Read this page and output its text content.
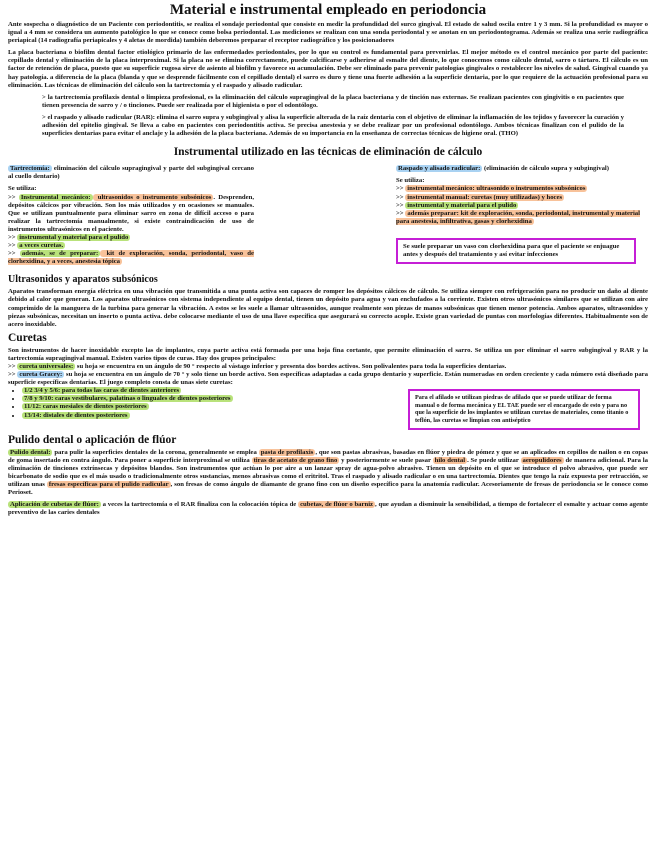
Material e instrumental empleado en periodoncia

Ante sospecha o diagnóstico de un Paciente con periodontitis, se realiza el sondaje periodontal que consiste en medir la profundidad del surco gingival. El estado de salud oscila entre 1 y 3 mm. Si la profundidad es mayor o igual a 4 mm se considera un aumento patológico lo que se conoce como bolsa periodontal. Las mediciones se realizan con una sonda periodontal y se anotan en un periodontograma. Además se realiza una serie radiográfica periapical (14 radiografía periapicales y 4 aletas de mordida) también deberemos preparar el receptor radiográfico y los posicionadores

La placa bacteriana o biofilm dental factor etiológico primario de las enfermedades periodontales, por lo que su control es fundamental para prevenirlas. El mejor método es el control mecánico por parte del paciente: cepillado dental y eliminación de la placa interproximal. Si la placa no se elimina correctamente, puede calcificarse y adherirse al esmalte del diente, lo que conocemos como cálculo dental, sarro o tártaro. El cálculo es un factor de retención de placa, puesto que su superficie rugosa sirve de asiento al biofilm y favorece su acumulación. Debe ser eliminado para prevenir patologías gingivales o restablecer los niveles de salud. Gingival cuando ya hay patología. a diferencia de la placa (blanda y que se desprende fácilmente con el cepillado dental) el sarro es duro y tiene una fuerte adhesión a la superficie dentaria, por lo que requiere de la actuación profesional para su eliminación. Las técnicas de eliminación del cálculo son la tartrectomía y el raspado y alisado radicular.

> la tartrectomía profilaxis dental o limpieza profesional, es la eliminación del cálculo supragingival de la placa bacteriana y de tinción nas externas. Se realizan pacientes con gingivitis o en pacientes que tienen presencia de sarro y / o tinciones. Puede ser realizada por el higienista o por el odontólogo.

> el raspado y alisado radicular (RAR): elimina el sarro supra y subgingival y alisa la superficie alterada de la raíz dentaria con el objetivo de eliminar la inflamación de los tejidos y favorecer la curación y adhesión del epitelio gingival. Se lleva a cabo en pacientes con periodontitis activa. Se precisa anestesia y se debe realizar por un profesional odontólogo. Ambos técnicas finalizan con el pulido de la superficies dentarias para evitar el anclaje y la adhesión de la placa bacteriana. Además de su importancia en la enseñanza de correctas técnicas de higiene oral. (THO)

Instrumental utilizado en las técnicas de eliminación de cálculo

Tartrectomía: eliminación del cálculo supragingival y parte del subgingival cercano al cuello dentario)

Se utiliza:

>> Instrumental mecánico: ultrasonidos o instrumento subsónicos . Desprenden, depósitos cálcicos por vibración. Son los más utilizados y en ocasiones se manuales. Que se utilizan puntualmente para eliminar sarro en zona de difícil acceso o para realizar la tartrectomía manualmente, si existe contraindicación de uso de instrumentos ultrasónicos en el paciente.

>> instrumental y material para el pulido

>> a veces curetas.

>> además, se de preparar: kit de exploración, sonda, periodontal, vaso de clorhexidina, y a veces, anestesia tópica

Raspado y alisado radicular: (eliminación de cálculo supra y subgingival)

Se utiliza:

>> instrumental mecánico: ultrasonido o instrumentos subsónicos

>> instrumental manual: curetas (muy utilizadas) y hoces

>> instrumental y material para el pulido

>> además preparar: kit de exploración, sonda, periodontal, instrumental y material para anestesia, infiltrativa, gasas y clorhexidina

Se suele preparar un vaso con clorhexidina para que el paciente se enjuague antes y después del tratamiento y así evitar infecciones
Ultrasonidos y aparatos subsónicos

Aparatos transforman energía eléctrica en una vibración que transmitida a una punta activa son capaces de romper los depósitos cálcicos de cálculo. Se utiliza siempre con refrigeración para no producir un daño al diente debido al calor que generan. Los aparatos ultrasónicos con sistema independiente al equipo dental, tienen un depósito para agua y van enchufados a la corriente. Existen otros ultrasónicos similares que se utilizan con aire comprimido de la manguera de la turbina para generar la vibración. A estos se les suele a llamar ultrasonidos, aunque realmente son piezas de manos subsónicas que tienen menor potencia. Ambos aparatos, ultrasonidos y piezas subsónicas, necesitan un inserto o punta activa. debe colocarse mediante el uso de una llave específica que asegurará su correcto acople. Existe gran variedad de puntas con morfologías diferentes. Habitualmente son de acero inoxidable.

Curetas

Son instrumentos de hacer inoxidable excepto las de implantes, cuya parte activa está formada por una hoja fina cortante, que permite eliminación el sarro. Se utiliza un por eliminar el sarro subgingival y RAR y la tartrectomía supragingival manual. Existen varios tipos de curas. Hay dos grupos principales:

>> cureta universales: su hoja se encuentra en un ángulo de 90 ° respecto al vástago inferior y presenta dos bordes activos. Son polivalentes para toda la superficies dentarias.

>> cureta Gracey: su hoja se encuentra en un ángulo de 70 ° y solo tiene un borde activo. Son específicas adaptadas a cada grupo dentario y superficie. Están numeradas en orden creciente y cada número está diseñado para superficie específicas dentarias. El juego completo consta de unas siete curetas:

• 1/2 3/4 y 5/6: para todas las caras de dientes anteriores
• 7/8 y 9/10: caras vestibulares, palatinas o linguales de dientes posteriores
• 11/12: caras mesiales de dientes posteriores
• 13/14: distales de dientes posteriores
Para el afilado se utilizan piedras de afilado que se puede utilizar de forma manual o de forma mecánica y EL TAE puede ser el encargado de esto y para no que la superficie de los implantes se utilizan curetas de materiales, como titanio o teflón, las curetas se limpian con antiséptico
Pulido dental o aplicación de flúor

Pulido dental: para pulir la superficies dentales de la corona, generalmente se emplea pasta de profilaxis , que son pastas abrasivas, basadas en flúor y piedra de pómez y que se an aplicados en cepillos de nailon o en copas de goma insertado en contra ángulo. Para poner a superficie interproximal se utiliza tiras de acetato de grano fino y posteriormente se suele pasar hilo dental . Se puede utilizar aeropulidores de manera adicional. Para la eliminación de tinciones extrínsecas y depósitos blandos. Son instrumentos que actúan lo por aire a un lanzar spray de agua-polvo abrasivo. Tienen un depósito en el que se introduce el polvo abrasivo, que puede ser bicarbonato de sodio que es el más usado o tradicionalmente otros sustancias, menos abrasivas como el eritritol. Tras el raspado y alisado radicular o en una tartrectomía. Dientes que tengo la raíz expuesta por retracción, se utilizan unas fresas específicas para el pulido radicular , son fresas de como ángulo de diamante de grano fino con un diseño específico para la anatomía radicular. Acesoriamente de fresas de periodoncia se le conoce como Perioset.

Aplicación de cubetas de flúor: a veces la tartrectomía o el RAR finaliza con la colocación tópica de cubetas, de flúor o barniz , que ayudan a disminuir la sensibilidad, a tiempo de fortalecer el esmalte y actuar como agente preventivo de las caries dentales
